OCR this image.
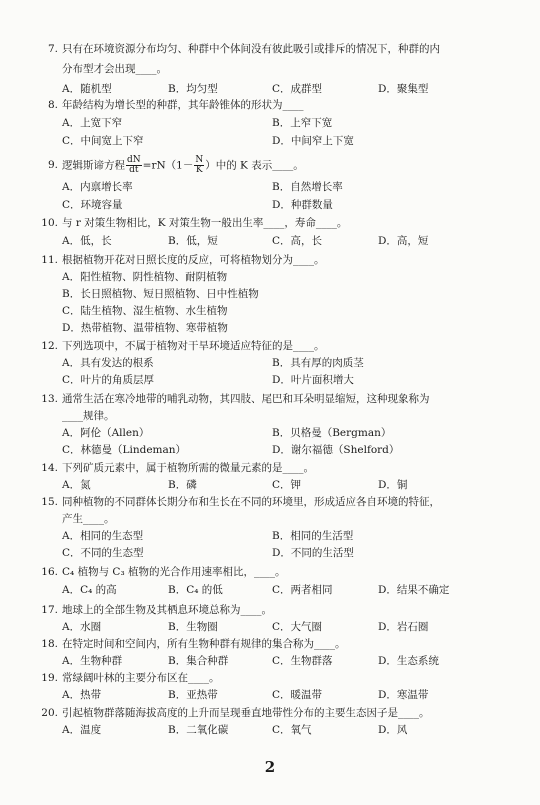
7. 只有在环境资源分布均匀、种群中个体间没有彼此吸引或排斥的情况下，种群的内
分布型才会出现____。
A．随机型	B．均匀型	C．成群型	D．聚集型
8. 年龄结构为增长型的种群，其年龄锥体的形状为____
A．上宽下窄	B．上窄下宽
C．中间宽上下窄	D．中间窄上下宽
9. 逻辑斯谛方程 $\frac{dN}{dt} =rN(1- \frac{N}{K}$ ）中的 K 表示____。
A．内禀增长率	B．自然增长率
C．环境容量	D．种群数量
10. 与 r 对策生物相比，K 对策生物一般出生率____，寿命____。
A．低，长	B．低，短	C．高，长	D．高，短
11. 根据植物开花对日照长度的反应，可将植物划分为____。
A．阳性植物、阴性植物、耐阴植物
B．长日照植物、短日照植物、日中性植物
C．陆生植物、湿生植物、水生植物
D．热带植物、温带植物、寒带植物
12. 下列选项中，不属于植物对干旱环境适应特征的是____。
A．具有发达的根系	B．具有厚的肉质茎
C．叶片的角质层厚	D．叶片面积增大
13. 通常生活在寒冷地带的哺乳动物，其四肢、尾巴和耳朵明显缩短，这种现象称为
____规律。
A．阿伦（Allen）	B．贝格曼（Bergman）
C．林德曼（Lindeman）	D．谢尔福德（Shelford）
14. 下列矿质元素中，属于植物所需的微量元素的是____。
A．氮	B．磷	C．钾	D．铜
15. 同种植物的不同群体长期分布和生长在不同的环境里，形成适应各自环境的特征，
产生____。
A．相同的生态型	B．相同的生活型
C．不同的生态型	D．不同的生活型
16. C₄ 植物与 C₃ 植物的光合作用速率相比，____。
A．C₄ 的高	B．C₄ 的低	C．两者相同	D．结果不确定
17. 地球上的全部生物及其栖息环境总称为____。
A．水圈	B．生物圈	C．大气圈	D．岩石圈
18. 在特定时间和空间内，所有生物种群有规律的集合称为____。
A．生物种群	B．集合种群	C．生物群落	D．生态系统
19. 常绿阔叶林的主要分布区在____。
A．热带	B．亚热带	C．暖温带	D．寒温带
20. 引起植物群落随海拔高度的上升而呈现垂直地带性分布的主要生态因子是____。
A．温度	B．二氧化碳	C．氧气	D．风
2
